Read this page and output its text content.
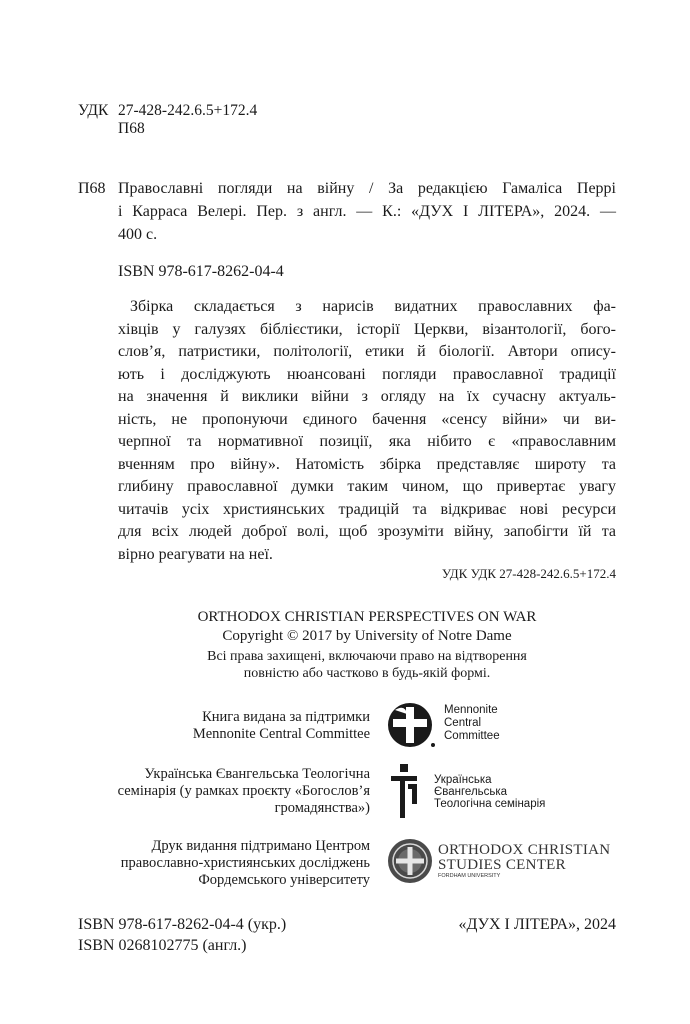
УДК 27-428-242.6.5+172.4
П68
П68 Православні погляди на війну / За редакцією Гамаліса Перрі
і Карраса Велері. Пер. з англ. — К.: «ДУХ І ЛІТЕРА», 2024. —
400 с.
ISBN 978-617-8262-04-4
Збірка складається з нарисів видатних православних фа-
хівців у галузях біблієстики, історії Церкви, візантології, бого-
слов’я, патристики, політології, етики й біології. Автори опису-
ють і досліджують нюансовані погляди православної традиції
на значення й виклики війни з огляду на їх сучасну актуаль-
ність, не пропонуючи єдиного бачення «сенсу війни» чи ви-
черпної та нормативної позиції, яка нібито є «православним
вченням про війну». Натомість збірка представляє широту та
глибину православної думки таким чином, що привертає увагу
читачів усіх християнських традицій та відкриває нові ресурси
для всіх людей доброї волі, щоб зрозуміти війну, запобігти їй та
вірно реагувати на неї.
УДК УДК 27-428-242.6.5+172.4
ORTHODOX CHRISTIAN PERSPECTIVES ON WAR
Copyright © 2017 by University of Notre Dame
Всі права захищені, включаючи право на відтворення
повністю або частково в будь-якій формі.
Книга видана за підтримки
Mennonite Central Committee
Mennonite
Central
Committee
Українська Євангельська Теологічна
семінарія (у рамках проєкту «Богослов’я
громадянства»)
Українська
Євангельська
Теологічна семінарія
Друк видання підтримано Центром
православно-християнських досліджень
Фордемського університету
ORTHODOX CHRISTIAN
STUDIES CENTER
FORDHAM UNIVERSITY
ISBN 978-617-8262-04-4 (укр.)
ISBN 0268102775 (англ.)
«ДУХ І ЛІТЕРА», 2024
